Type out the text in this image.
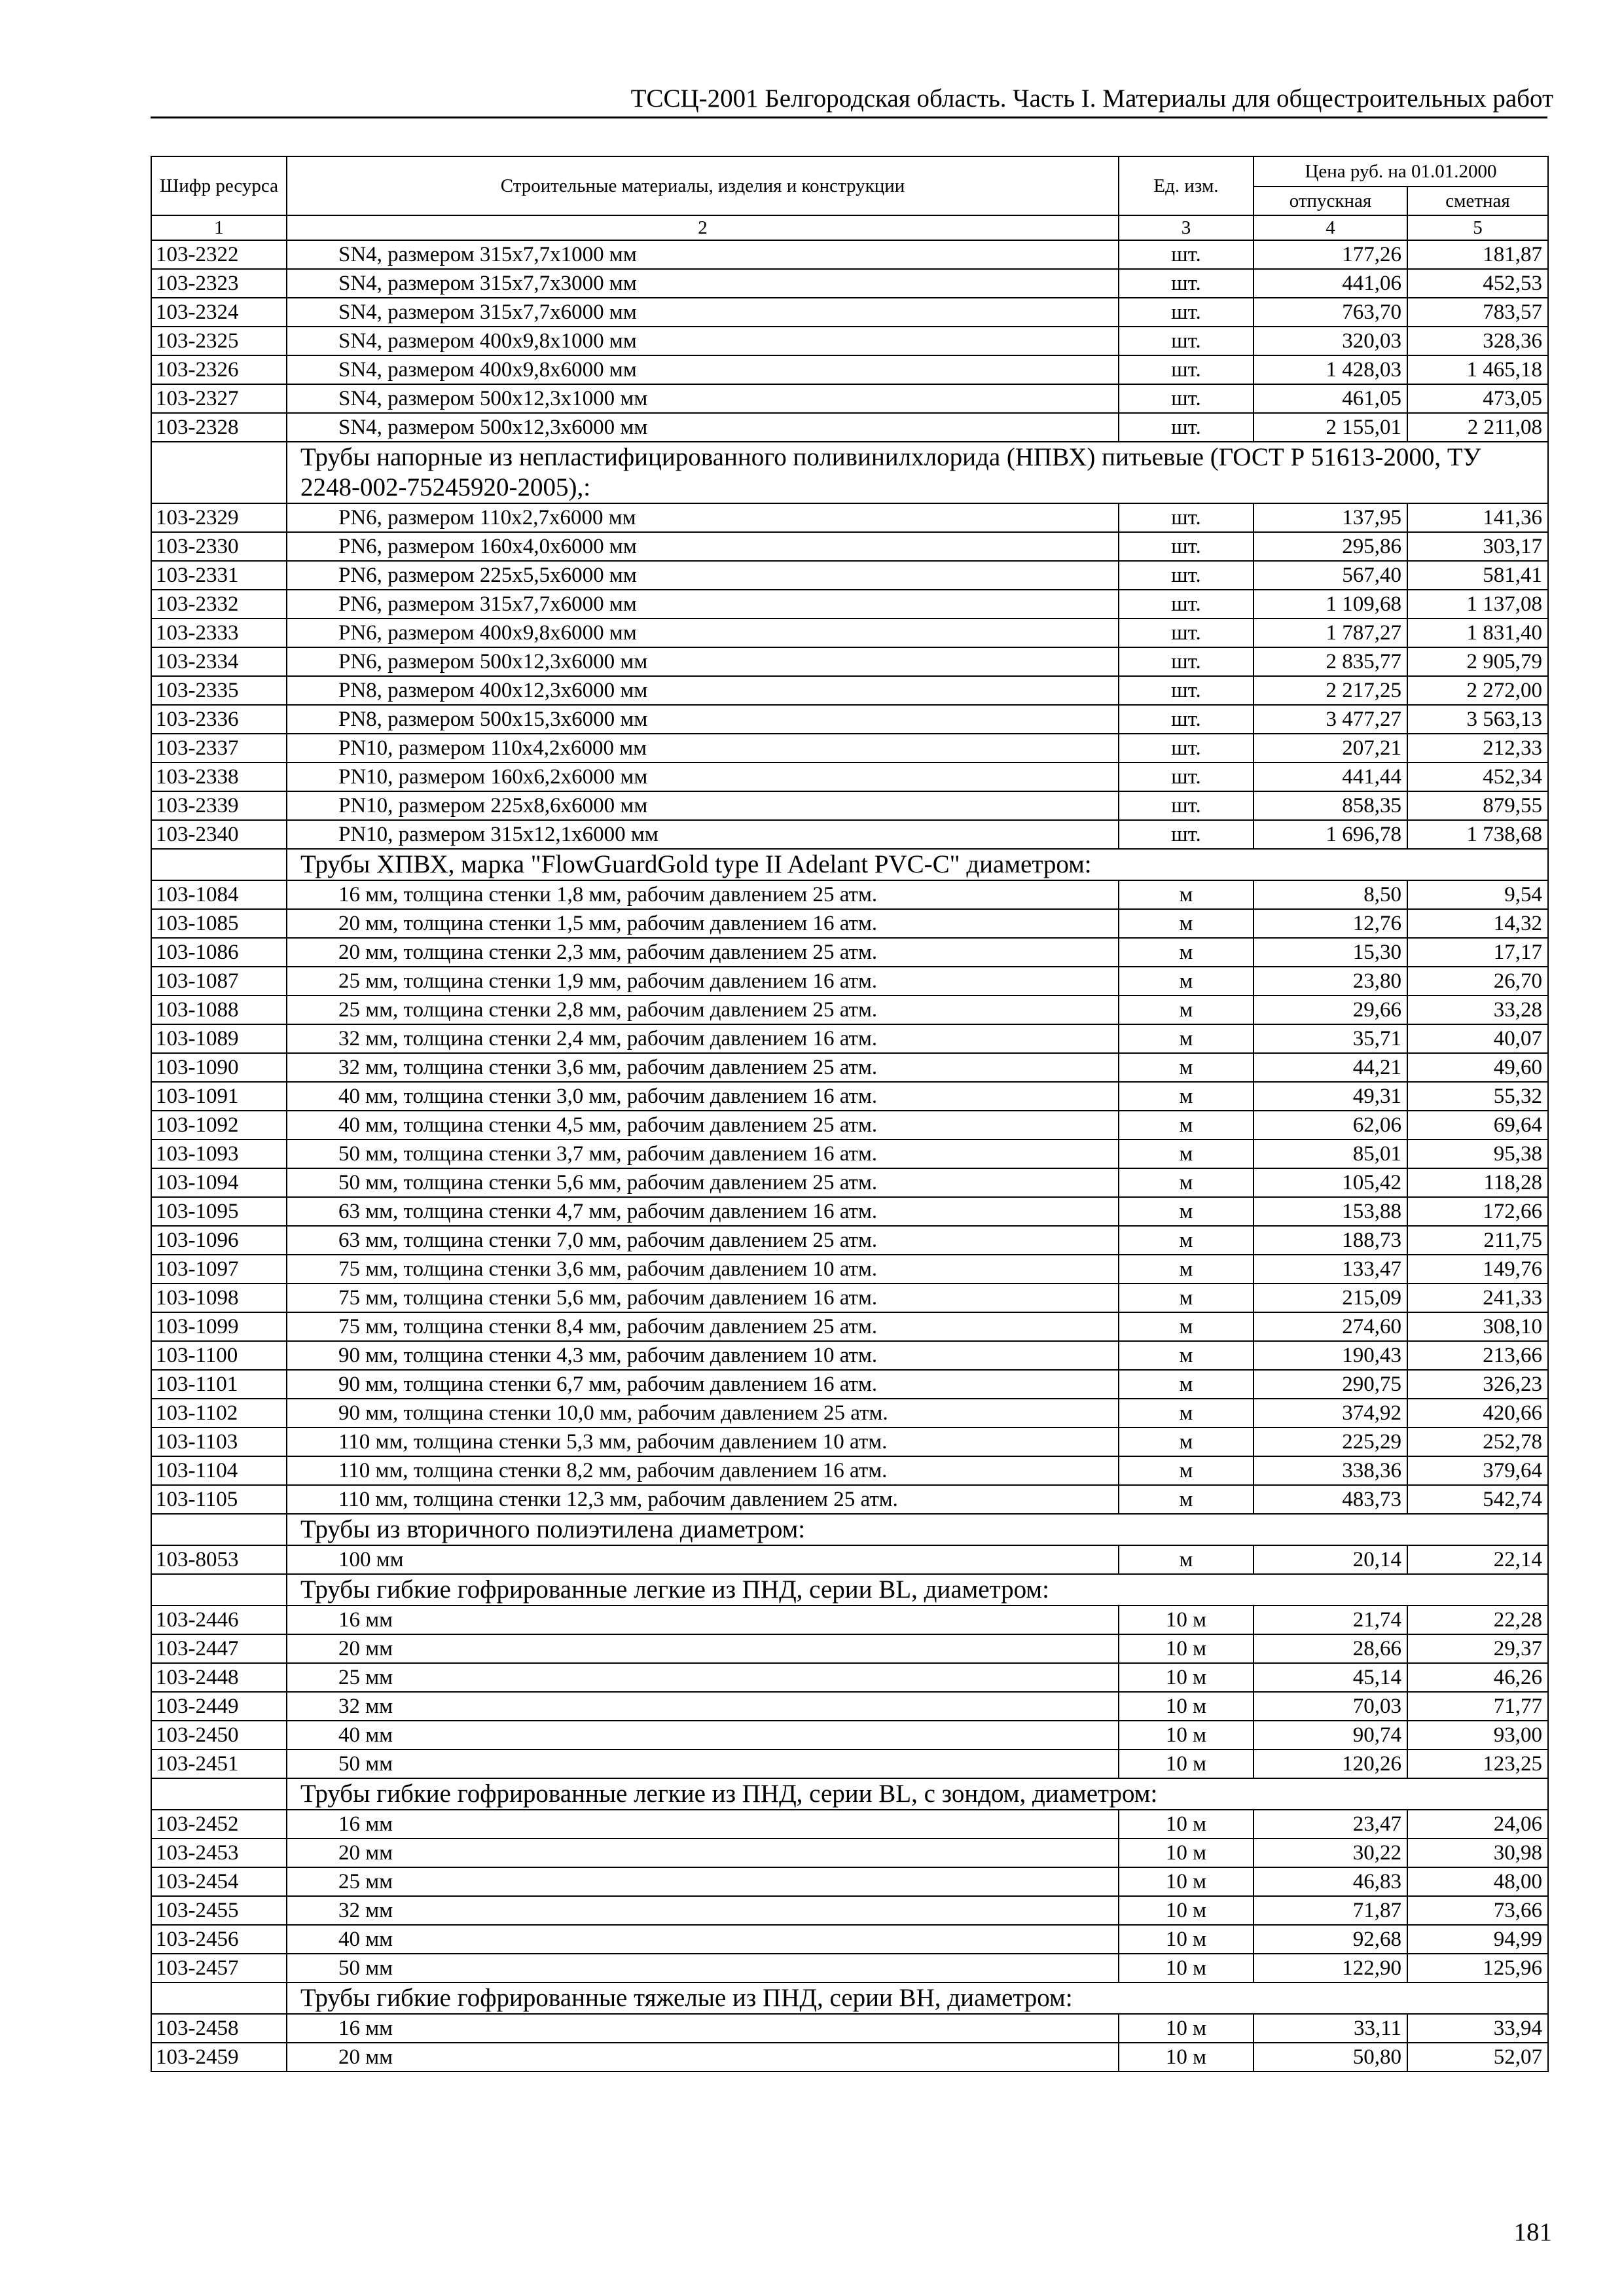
ТССЦ-2001 Белгородская область. Часть I. Материалы для общестроительных работ
Шифр ресурса	Строительные материалы, изделия и конструкции	Ед. изм.	Цена руб. на 01.01.2000	
			отпускная	сметная
1	2	3	4	5
103-2322	SN4, размером 315х7,7х1000 мм	шт.	177,26	181,87
103-2323	SN4, размером 315х7,7х3000 мм	шт.	441,06	452,53
103-2324	SN4, размером 315х7,7х6000 мм	шт.	763,70	783,57
103-2325	SN4, размером 400х9,8х1000 мм	шт.	320,03	328,36
103-2326	SN4, размером 400х9,8х6000 мм	шт.	1 428,03	1 465,18
103-2327	SN4, размером 500х12,3х1000 мм	шт.	461,05	473,05
103-2328	SN4, размером 500х12,3х6000 мм	шт.	2 155,01	2 211,08
	Трубы напорные из непластифицированного поливинилхлорида (НПВХ) питьевые (ГОСТ Р 51613-2000, ТУ 2248-002-75245920-2005),:			
103-2329	PN6, размером 110х2,7х6000 мм	шт.	137,95	141,36
103-2330	PN6, размером 160х4,0х6000 мм	шт.	295,86	303,17
103-2331	PN6, размером 225х5,5х6000 мм	шт.	567,40	581,41
103-2332	PN6, размером 315х7,7х6000 мм	шт.	1 109,68	1 137,08
103-2333	PN6, размером 400х9,8х6000 мм	шт.	1 787,27	1 831,40
103-2334	PN6, размером 500х12,3х6000 мм	шт.	2 835,77	2 905,79
103-2335	PN8, размером 400х12,3х6000 мм	шт.	2 217,25	2 272,00
103-2336	PN8, размером 500х15,3х6000 мм	шт.	3 477,27	3 563,13
103-2337	PN10, размером 110х4,2х6000 мм	шт.	207,21	212,33
103-2338	PN10, размером 160х6,2х6000 мм	шт.	441,44	452,34
103-2339	PN10, размером 225х8,6х6000 мм	шт.	858,35	879,55
103-2340	PN10, размером 315х12,1х6000 мм	шт.	1 696,78	1 738,68
	Трубы ХПВХ, марка "FlowGuardGold type II Adelant PVC-C" диаметром:			
103-1084	16 мм, толщина стенки 1,8 мм, рабочим давлением 25 атм.	м	8,50	9,54
103-1085	20 мм, толщина стенки 1,5 мм, рабочим давлением 16 атм.	м	12,76	14,32
103-1086	20 мм, толщина стенки 2,3 мм, рабочим давлением 25 атм.	м	15,30	17,17
103-1087	25 мм, толщина стенки 1,9 мм, рабочим давлением 16 атм.	м	23,80	26,70
103-1088	25 мм, толщина стенки 2,8 мм, рабочим давлением 25 атм.	м	29,66	33,28
103-1089	32 мм, толщина стенки 2,4 мм, рабочим давлением 16 атм.	м	35,71	40,07
103-1090	32 мм, толщина стенки 3,6 мм, рабочим давлением 25 атм.	м	44,21	49,60
103-1091	40 мм, толщина стенки 3,0 мм, рабочим давлением 16 атм.	м	49,31	55,32
103-1092	40 мм, толщина стенки 4,5 мм, рабочим давлением 25 атм.	м	62,06	69,64
103-1093	50 мм, толщина стенки 3,7 мм, рабочим давлением 16 атм.	м	85,01	95,38
103-1094	50 мм, толщина стенки 5,6 мм, рабочим давлением 25 атм.	м	105,42	118,28
103-1095	63 мм, толщина стенки 4,7 мм, рабочим давлением 16 атм.	м	153,88	172,66
103-1096	63 мм, толщина стенки 7,0 мм, рабочим давлением 25 атм.	м	188,73	211,75
103-1097	75 мм, толщина стенки 3,6 мм, рабочим давлением 10 атм.	м	133,47	149,76
103-1098	75 мм, толщина стенки 5,6 мм, рабочим давлением 16 атм.	м	215,09	241,33
103-1099	75 мм, толщина стенки 8,4 мм, рабочим давлением 25 атм.	м	274,60	308,10
103-1100	90 мм, толщина стенки 4,3 мм, рабочим давлением 10 атм.	м	190,43	213,66
103-1101	90 мм, толщина стенки 6,7 мм, рабочим давлением 16 атм.	м	290,75	326,23
103-1102	90 мм, толщина стенки 10,0 мм, рабочим давлением 25 атм.	м	374,92	420,66
103-1103	110 мм, толщина стенки 5,3 мм, рабочим давлением 10 атм.	м	225,29	252,78
103-1104	110 мм, толщина стенки 8,2 мм, рабочим давлением 16 атм.	м	338,36	379,64
103-1105	110 мм, толщина стенки 12,3 мм, рабочим давлением 25 атм.	м	483,73	542,74
	Трубы из вторичного полиэтилена диаметром:			
103-8053	100 мм	м	20,14	22,14
	Трубы гибкие гофрированные легкие из ПНД, серии BL, диаметром:			
103-2446	16 мм	10 м	21,74	22,28
103-2447	20 мм	10 м	28,66	29,37
103-2448	25 мм	10 м	45,14	46,26
103-2449	32 мм	10 м	70,03	71,77
103-2450	40 мм	10 м	90,74	93,00
103-2451	50 мм	10 м	120,26	123,25
	Трубы гибкие гофрированные легкие из ПНД, серии BL, с зондом, диаметром:			
103-2452	16 мм	10 м	23,47	24,06
103-2453	20 мм	10 м	30,22	30,98
103-2454	25 мм	10 м	46,83	48,00
103-2455	32 мм	10 м	71,87	73,66
103-2456	40 мм	10 м	92,68	94,99
103-2457	50 мм	10 м	122,90	125,96
	Трубы гибкие гофрированные тяжелые из ПНД, серии ВН, диаметром:			
103-2458	16 мм	10 м	33,11	33,94
103-2459	20 мм	10 м	50,80	52,07
181
